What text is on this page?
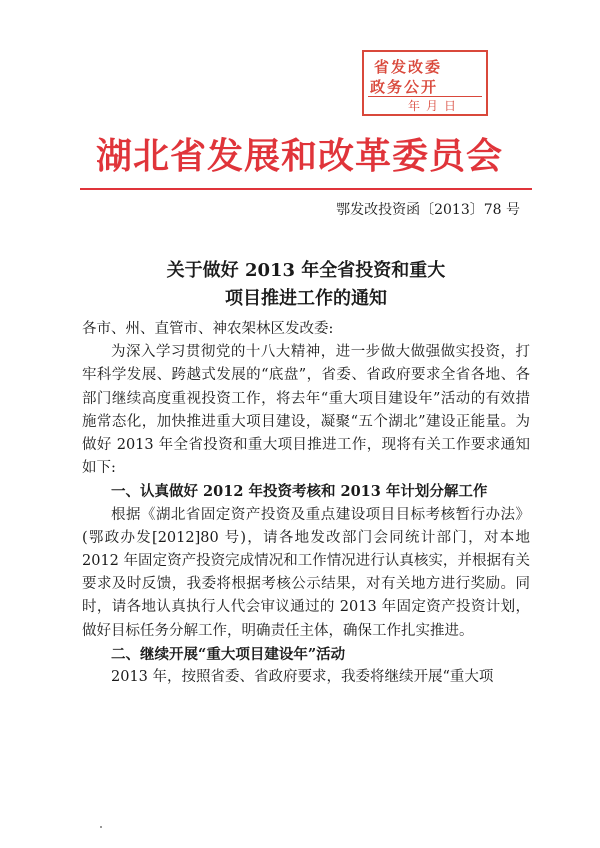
省发改委
政务公开
年月日
湖北省发展和改革委员会
鄂发改投资函〔2013〕78 号
关于做好 2013 年全省投资和重大
项目推进工作的通知

各市、州、直管市、神农架林区发改委:

为深入学习贯彻党的十八大精神，进一步做大做强做实投资，打牢科学发展、跨越式发展的“底盘”，省委、省政府要求全省各地、各部门继续高度重视投资工作，将去年“重大项目建设年”活动的有效措施常态化，加快推进重大项目建设，凝聚“五个湖北”建设正能量。为做好 2013 年全省投资和重大项目推进工作，现将有关工作要求通知如下:

一、认真做好 2012 年投资考核和 2013 年计划分解工作

根据《湖北省固定资产投资及重点建设项目目标考核暂行办法》(鄂政办发[2012]80 号)，请各地发改部门会同统计部门，对本地 2012 年固定资产投资完成情况和工作情况进行认真核实，并根据有关要求及时反馈，我委将根据考核公示结果，对有关地方进行奖励。同时，请各地认真执行人代会审议通过的 2013 年固定资产投资计划，做好目标任务分解工作，明确责任主体，确保工作扎实推进。

二、继续开展“重大项目建设年”活动

2013 年，按照省委、省政府要求，我委将继续开展“重大项
